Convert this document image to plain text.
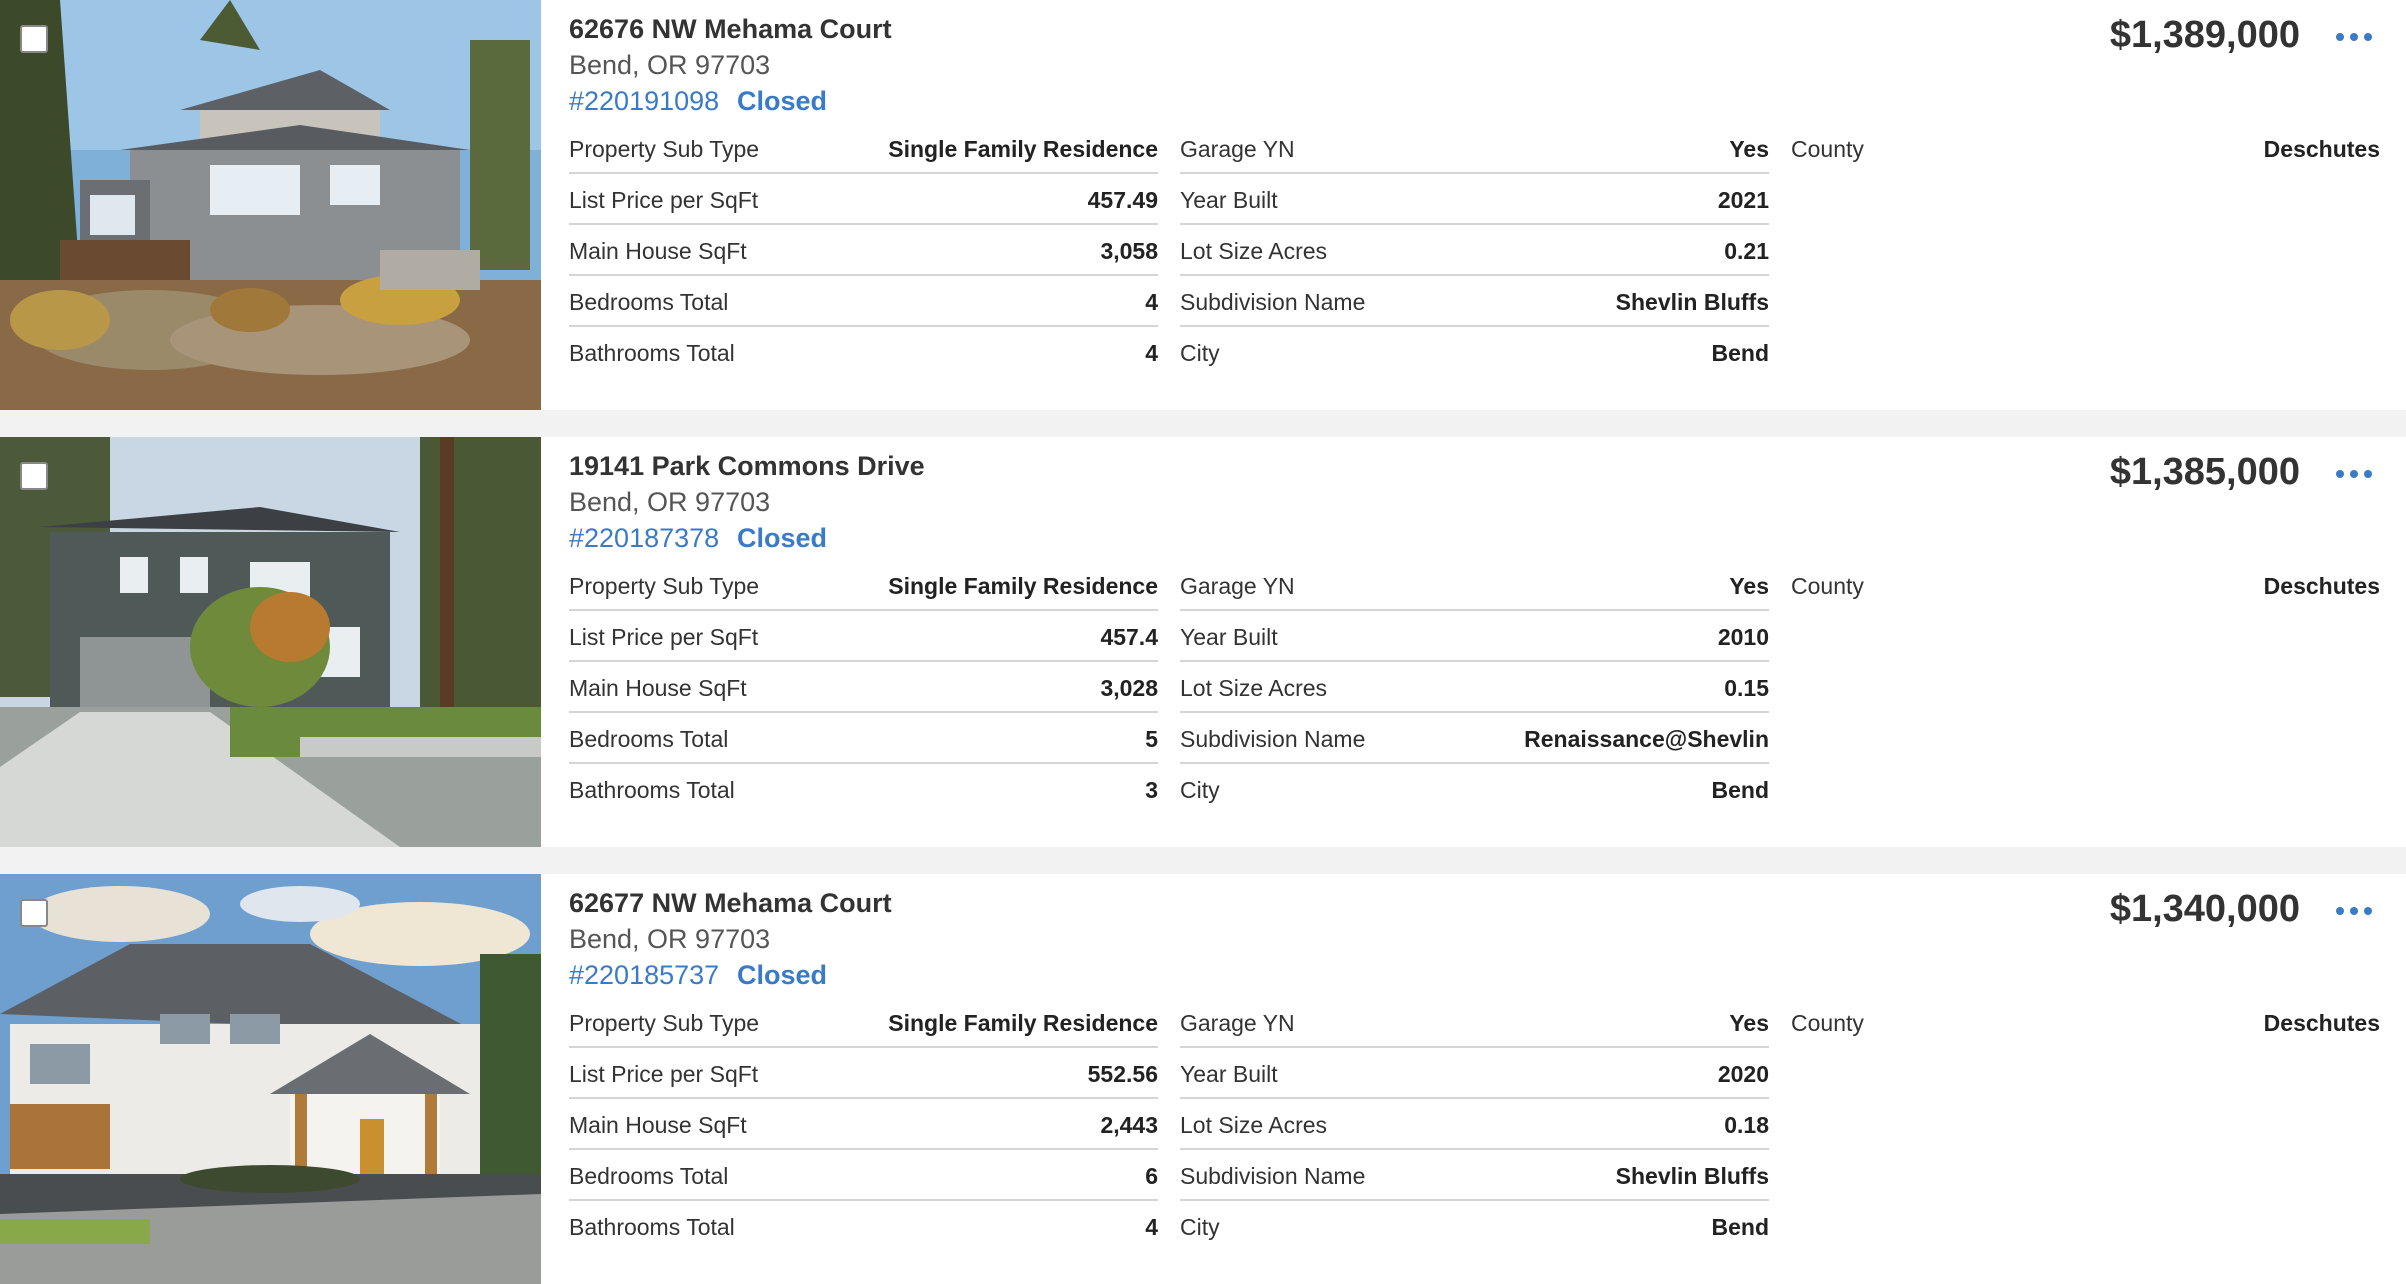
62676 NW Mehama Court
Bend, OR 97703
#220191098 Closed
$1,389,000
Property Sub Type	Single Family Residence
List Price per SqFt	457.49
Main House SqFt	3,058
Bedrooms Total	4
Bathrooms Total	4
Garage YN	Yes
Year Built	2021
Lot Size Acres	0.21
Subdivision Name	Shevlin Bluffs
City	Bend
County	Deschutes
19141 Park Commons Drive
Bend, OR 97703
#220187378 Closed
$1,385,000
Property Sub Type	Single Family Residence
List Price per SqFt	457.4
Main House SqFt	3,028
Bedrooms Total	5
Bathrooms Total	3
Garage YN	Yes
Year Built	2010
Lot Size Acres	0.15
Subdivision Name	Renaissance@Shevlin
City	Bend
County	Deschutes
62677 NW Mehama Court
Bend, OR 97703
#220185737 Closed
$1,340,000
Property Sub Type	Single Family Residence
List Price per SqFt	552.56
Main House SqFt	2,443
Bedrooms Total	6
Bathrooms Total	4
Garage YN	Yes
Year Built	2020
Lot Size Acres	0.18
Subdivision Name	Shevlin Bluffs
City	Bend
County	Deschutes
